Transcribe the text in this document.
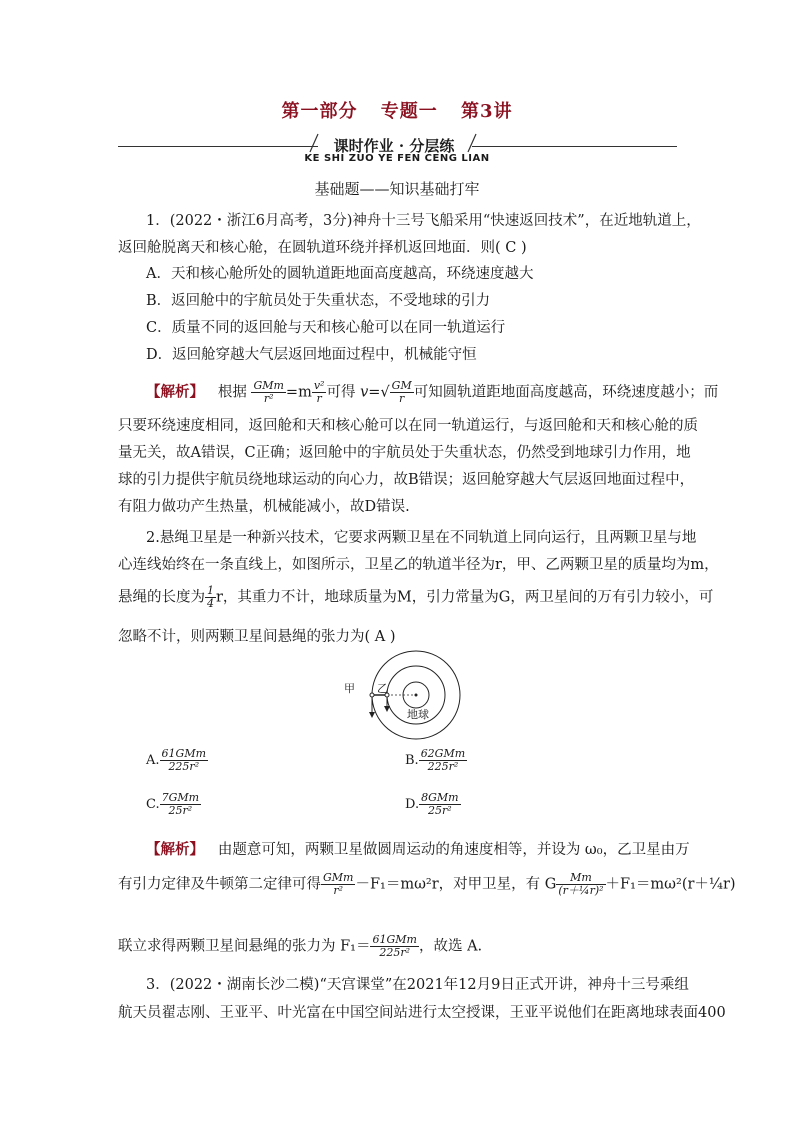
第一部分 专题一 第3讲
课时作业 · 分层练
KE SHI ZUO YE FEN CENG LIAN
基础题——知识基础打牢

1．(2022・浙江6月高考，3分)神舟十三号飞船采用“快速返回技术”，在近地轨道上，

返回舱脱离天和核心舱，在圆轨道环绕并择机返回地面．则( C )

A．天和核心舱所处的圆轨道距地面高度越高，环绕速度越大

B．返回舱中的宇航员处于失重状态，不受地球的引力

C．质量不同的返回舱与天和核心舱可以在同一轨道运行

D．返回舱穿越大气层返回地面过程中，机械能守恒

【解析】 根据 $\frac{\text{GMm}}{\text{r²}} =m \frac{\text{v²}}{r}$ 可得 $v=√ \frac{GM}{r}$ 可知圆轨道距地面高度越高，环绕速度越小；而

只要环绕速度相同，返回舱和天和核心舱可以在同一轨道运行，与返回舱和天和核心舱的质

量无关，故A错误，C正确；返回舱中的宇航员处于失重状态，仍然受到地球引力作用，地

球的引力提供宇航员绕地球运动的向心力，故B错误；返回舱穿越大气层返回地面过程中，

有阻力做功产生热量，机械能减小，故D错误.

2.悬绳卫星是一种新兴技术，它要求两颗卫星在不同轨道上同向运行，且两颗卫星与地

心连线始终在一条直线上，如图所示，卫星乙的轨道半径为r，甲、乙两颗卫星的质量均为m，

悬绳的长度为 $\frac{1}{4}$ r，其重力不计，地球质量为M，引力常量为G，两卫星间的万有引力较小，可

忽略不计，则两颗卫星间悬绳的张力为( A )

甲 乙
地球
A. $\frac{\text{61GMm}}{\text{225r²}}$	B. $\frac{\text{62GMm}}{\text{225r²}}$
C. $\frac{\text{7GMm}}{\text{25r²}}$	D. $\frac{\text{8GMm}}{\text{25r²}}$

【解析】 由题意可知，两颗卫星做圆周运动的角速度相等，并设为 ω₀，乙卫星由万

有引力定律及牛顿第二定律可得 $\frac{\text{GMm}}{\text{r²}} -F_1=m\omega^2r$，对甲卫星，有 G $\frac{Mm}{\text{(r＋¼r)²}}$ ＋F₁＝mω²(r＋¼r)

联立求得两颗卫星间悬绳的张力为 $F_1= \frac{\text{61GMm}}{\text{225r²}}$ ，故选 A.

3．(2022・湖南长沙二模)“天宫课堂”在2021年12月9日正式开讲，神舟十三号乘组

航天员翟志刚、王亚平、叶光富在中国空间站进行太空授课，王亚平说他们在距离地球表面400
